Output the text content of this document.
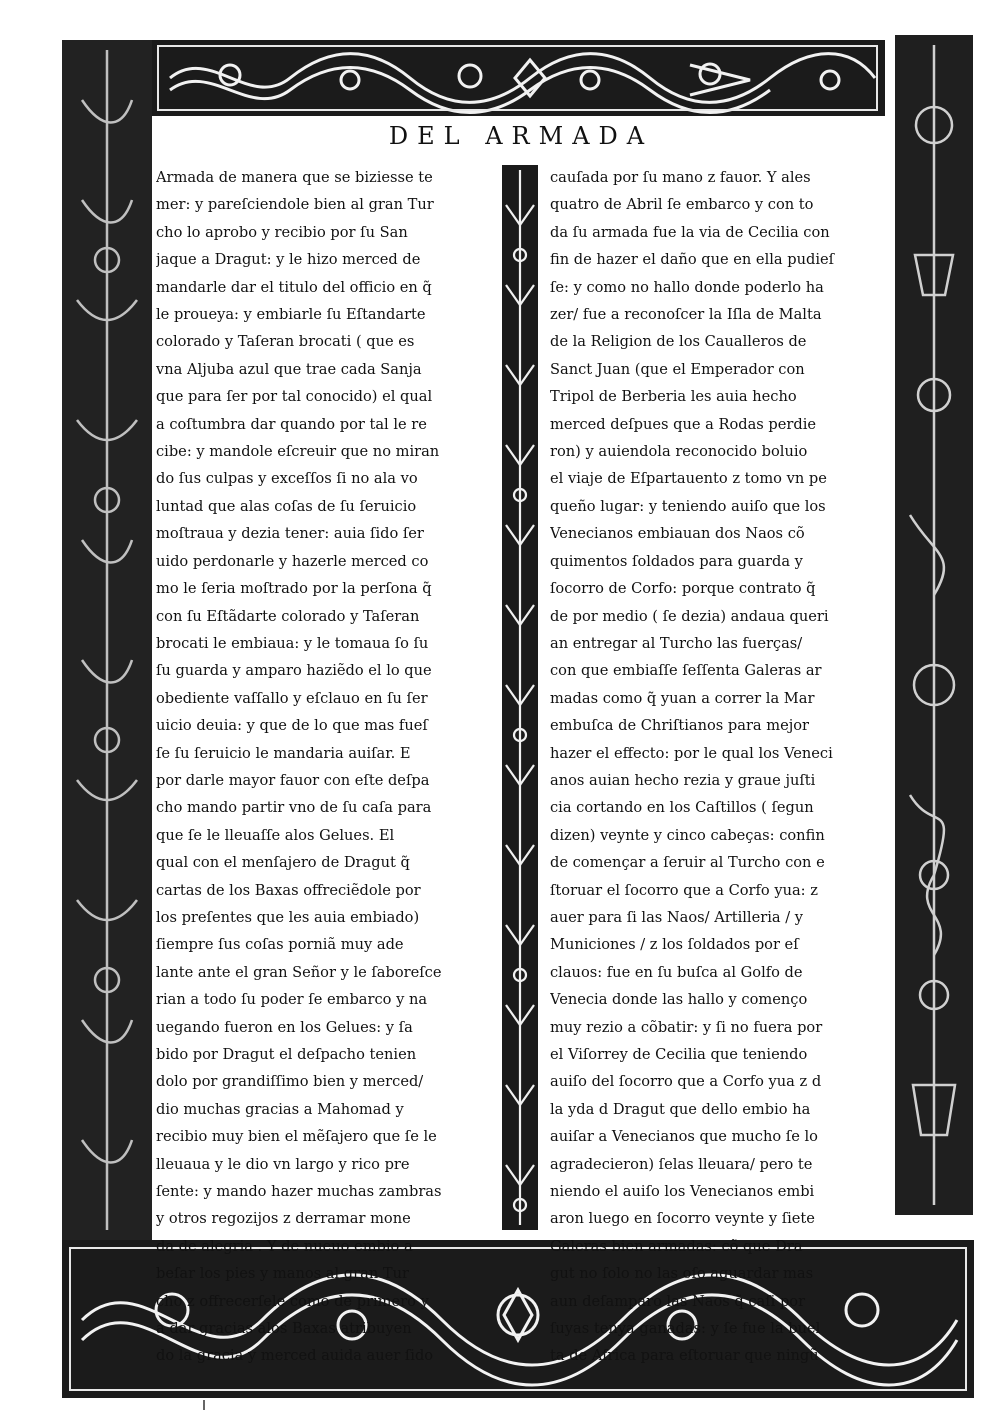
DEL ARMADA
Armada de manera que se biziesse te
mer: y pareſciendole bien al gran Tur
cho lo aprobo y recibio por ſu San
jaque a Dragut: y le hizo merced de
mandarle dar el titulo del officio en q̃
le proueya: y embiarle ſu Eſtandarte
colorado y Taſeran brocati ( que es
vna Aljuba azul que trae cada Sanja
que para ſer por tal conocido) el qual
a coſtumbra dar quando por tal le re
cibe: y mandole eſcreuir que no miran
do ſus culpas y exceſſos ſi no ala vo
luntad que alas coſas de ſu ſeruicio
moſtraua y dezia tener: auia ſido ſer
uido perdonarle y hazerle merced co
mo le ſeria moſtrado por la perſona q̃
con ſu Eſtãdarte colorado y Taſeran
brocati le embiaua: y le tomaua ſo ſu
ſu guarda y amparo haziẽdo el lo que
obediente vaſſallo y eſclauo en ſu ſer
uicio deuia: y que de lo que mas fueſ
ſe ſu ſeruicio le mandaria auiſar. E
por darle mayor fauor con eſte deſpa
cho mando partir vno de ſu caſa para
que ſe le lleuaſſe alos Gelues. El
qual con el menſajero de Dragut q̃
cartas de los Baxas offreciẽdole por
los preſentes que les auia embiado)
ſiempre ſus coſas porniã muy ade
lante ante el gran Señor y le ſaboreſce
rian a todo ſu poder ſe embarco y na
uegando fueron en los Gelues: y ſa
bido por Dragut el deſpacho tenien
dolo por grandiſſimo bien y merced/
dio muchas gracias a Mahomad y
recibio muy bien el mẽſajero que ſe le
lleuaua y le dio vn largo y rico pre
ſente: y mando hazer muchas zambras
y otros regozijos z derramar mone
da de alegria . Y de nueuo embio a
beſar los pies y manos al gran Tur
cho z offrecerſele como de primero y
a dar gracias alos Baxas atribuyen
do la gracia y merced auida auer ſido
cauſada por ſu mano z fauor. Y ales
quatro de Abril ſe embarco y con to
da ſu armada fue la via de Cecilia con
fin de hazer el daño que en ella pudieſ
ſe: y como no hallo donde poderlo ha
zer/ fue a reconoſcer la Iſla de Malta
de la Religion de los Caualleros de
Sanct Juan (que el Emperador con
Tripol de Berberia les auia hecho
merced deſpues que a Rodas perdie
ron) y auiendola reconocido boluio
el viaje de Eſpartauento z tomo vn pe
queño lugar: y teniendo auiſo que los
Venecianos embiauan dos Naos cõ
quimentos ſoldados para guarda y
ſocorro de Corfo: porque contrato q̃
de por medio ( ſe dezia) andaua queri
an entregar al Turcho las fuerças/
con que embiaſſe ſeſſenta Galeras ar
madas como q̃ yuan a correr la Mar
embuſca de Chriſtianos para mejor
hazer el effecto: por le qual los Veneci
anos auian hecho rezia y graue juſti
cia cortando en los Caſtillos ( ſegun
dizen) veynte y cinco cabeças: confin
de començar a ſeruir al Turcho con e
ſtoruar el ſocorro que a Corfo yua: z
auer para ſi las Naos/ Artilleria / y
Municiones / z los ſoldados por eſ
clauos: fue en ſu buſca al Golfo de
Venecia donde las hallo y començo
muy rezio a cõbatir: y ſi no fuera por
el Viſorrey de Cecilia que teniendo
auiſo del ſocorro que a Corfo yua z d
la yda d Dragut que dello embio ha
auiſar a Venecianos que mucho ſe lo
agradecieron) ſelas lleuara/ pero te
niendo el auiſo los Venecianos embi
aron luego en ſocorro veynte y ſiete
Galeras bien armadas: cõ que Dra
gut no ſolo no las oſo aguardar mas
aun deſamparo las Naos q̃ caſi por
ſuyas tenya ganadas: y ſe fue la buel
ta de Africa para eſtoruar que ningũ
